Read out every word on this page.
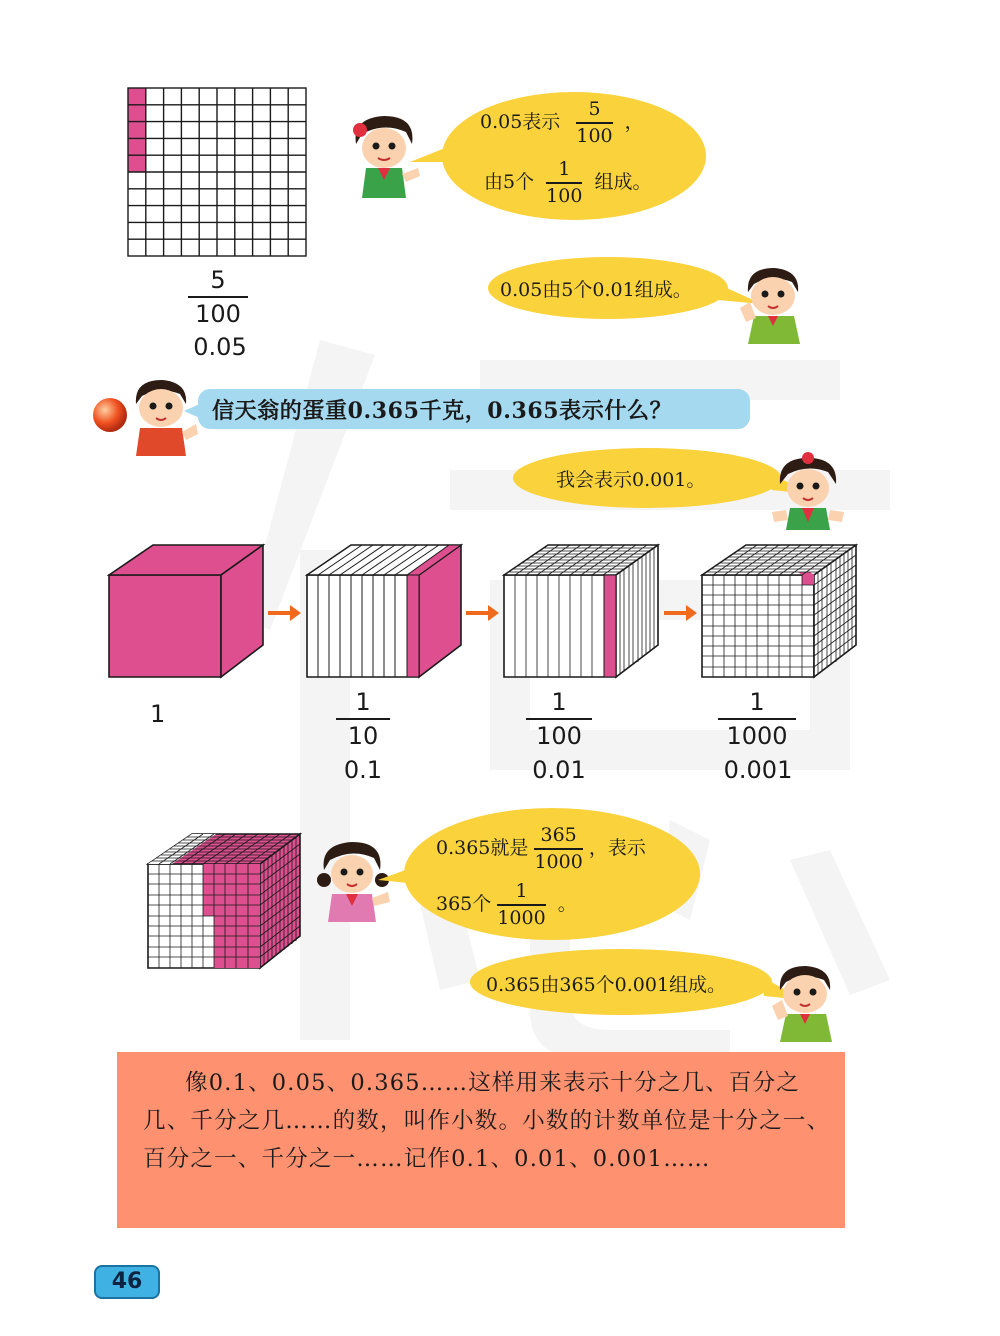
5
100
0.05
0.05表示 $\frac{5}{100}$ ，
由5个 $\frac{1}{100}$ 组成。
0.05由5个0.01组成。
信天翁的蛋重0.365千克，0.365表示什么？
我会表示0.001。
1	1
10
0.1
1
100
0.01
1
1000
0.001
0.365就是 $\frac{365}{1000}$ ，表示
365个 $\frac{1}{1000}$ 。
0.365由365个0.001组成。
像0.1、0.05、0.365……这样用来表示十分之几、百分之几、千分之几……的数，叫作小数。小数的计数单位是十分之一、百分之一、千分之一……记作0.1、0.01、0.001……
46
